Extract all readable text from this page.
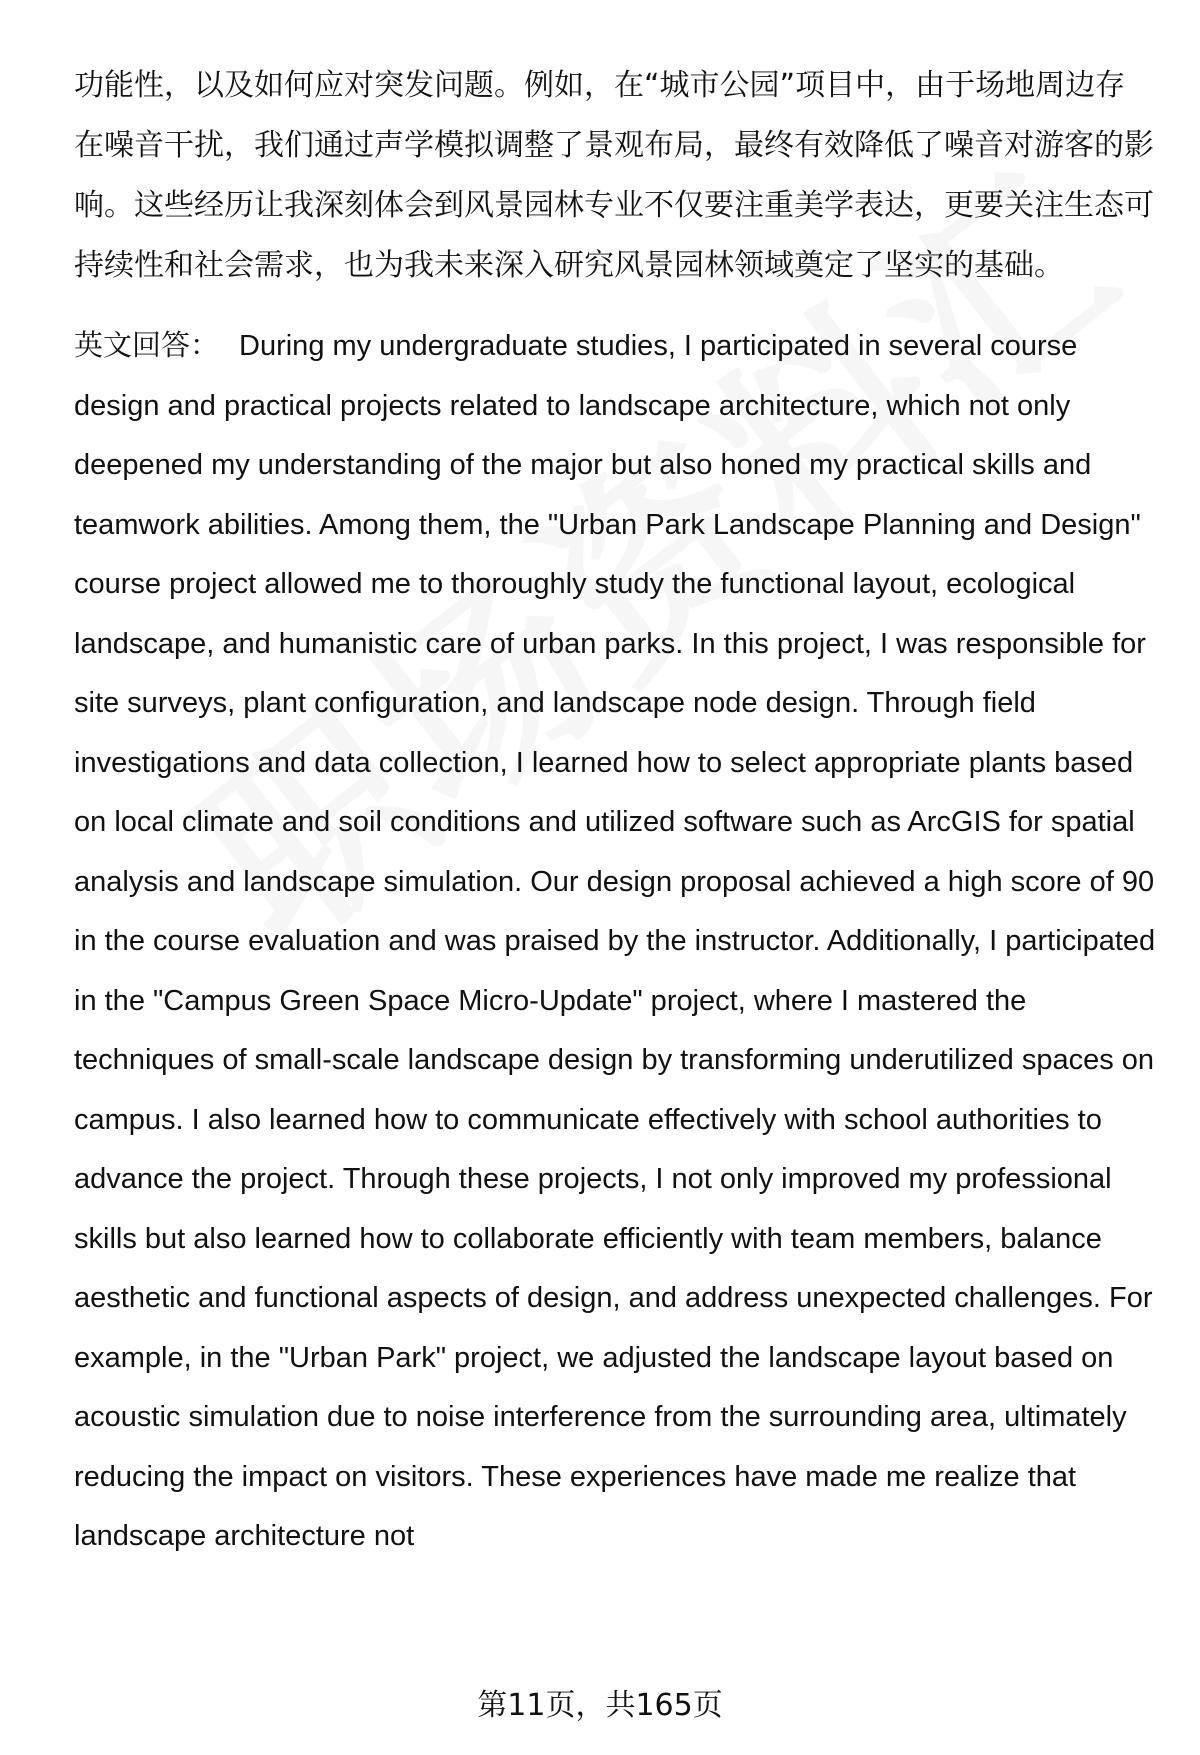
功能性，以及如何应对突发问题。例如，在“城市公园”项目中，由于场地周边存在噪音干扰，我们通过声学模拟调整了景观布局，最终有效降低了噪音对游客的影响。这些经历让我深刻体会到风景园林专业不仅要注重美学表达，更要关注生态可持续性和社会需求，也为我未来深入研究风景园林领域奠定了坚实的基础。

英文回答： During my undergraduate studies, I participated in several course design and practical projects related to landscape architecture, which not only deepened my understanding of the major but also honed my practical skills and teamwork abilities. Among them, the "Urban Park Landscape Planning and Design" course project allowed me to thoroughly study the functional layout, ecological landscape, and humanistic care of urban parks. In this project, I was responsible for site surveys, plant configuration, and landscape node design. Through field investigations and data collection, I learned how to select appropriate plants based on local climate and soil conditions and utilized software such as ArcGIS for spatial analysis and landscape simulation. Our design proposal achieved a high score of 90 in the course evaluation and was praised by the instructor. Additionally, I participated in the "Campus Green Space Micro-Update" project, where I mastered the techniques of small-scale landscape design by transforming underutilized spaces on campus. I also learned how to communicate effectively with school authorities to advance the project. Through these projects, I not only improved my professional skills but also learned how to collaborate efficiently with team members, balance aesthetic and functional aspects of design, and address unexpected challenges. For example, in the "Urban Park" project, we adjusted the landscape layout based on acoustic simulation due to noise interference from the surrounding area, ultimately reducing the impact on visitors. These experiences have made me realize that landscape architecture not

第11页，共165页
